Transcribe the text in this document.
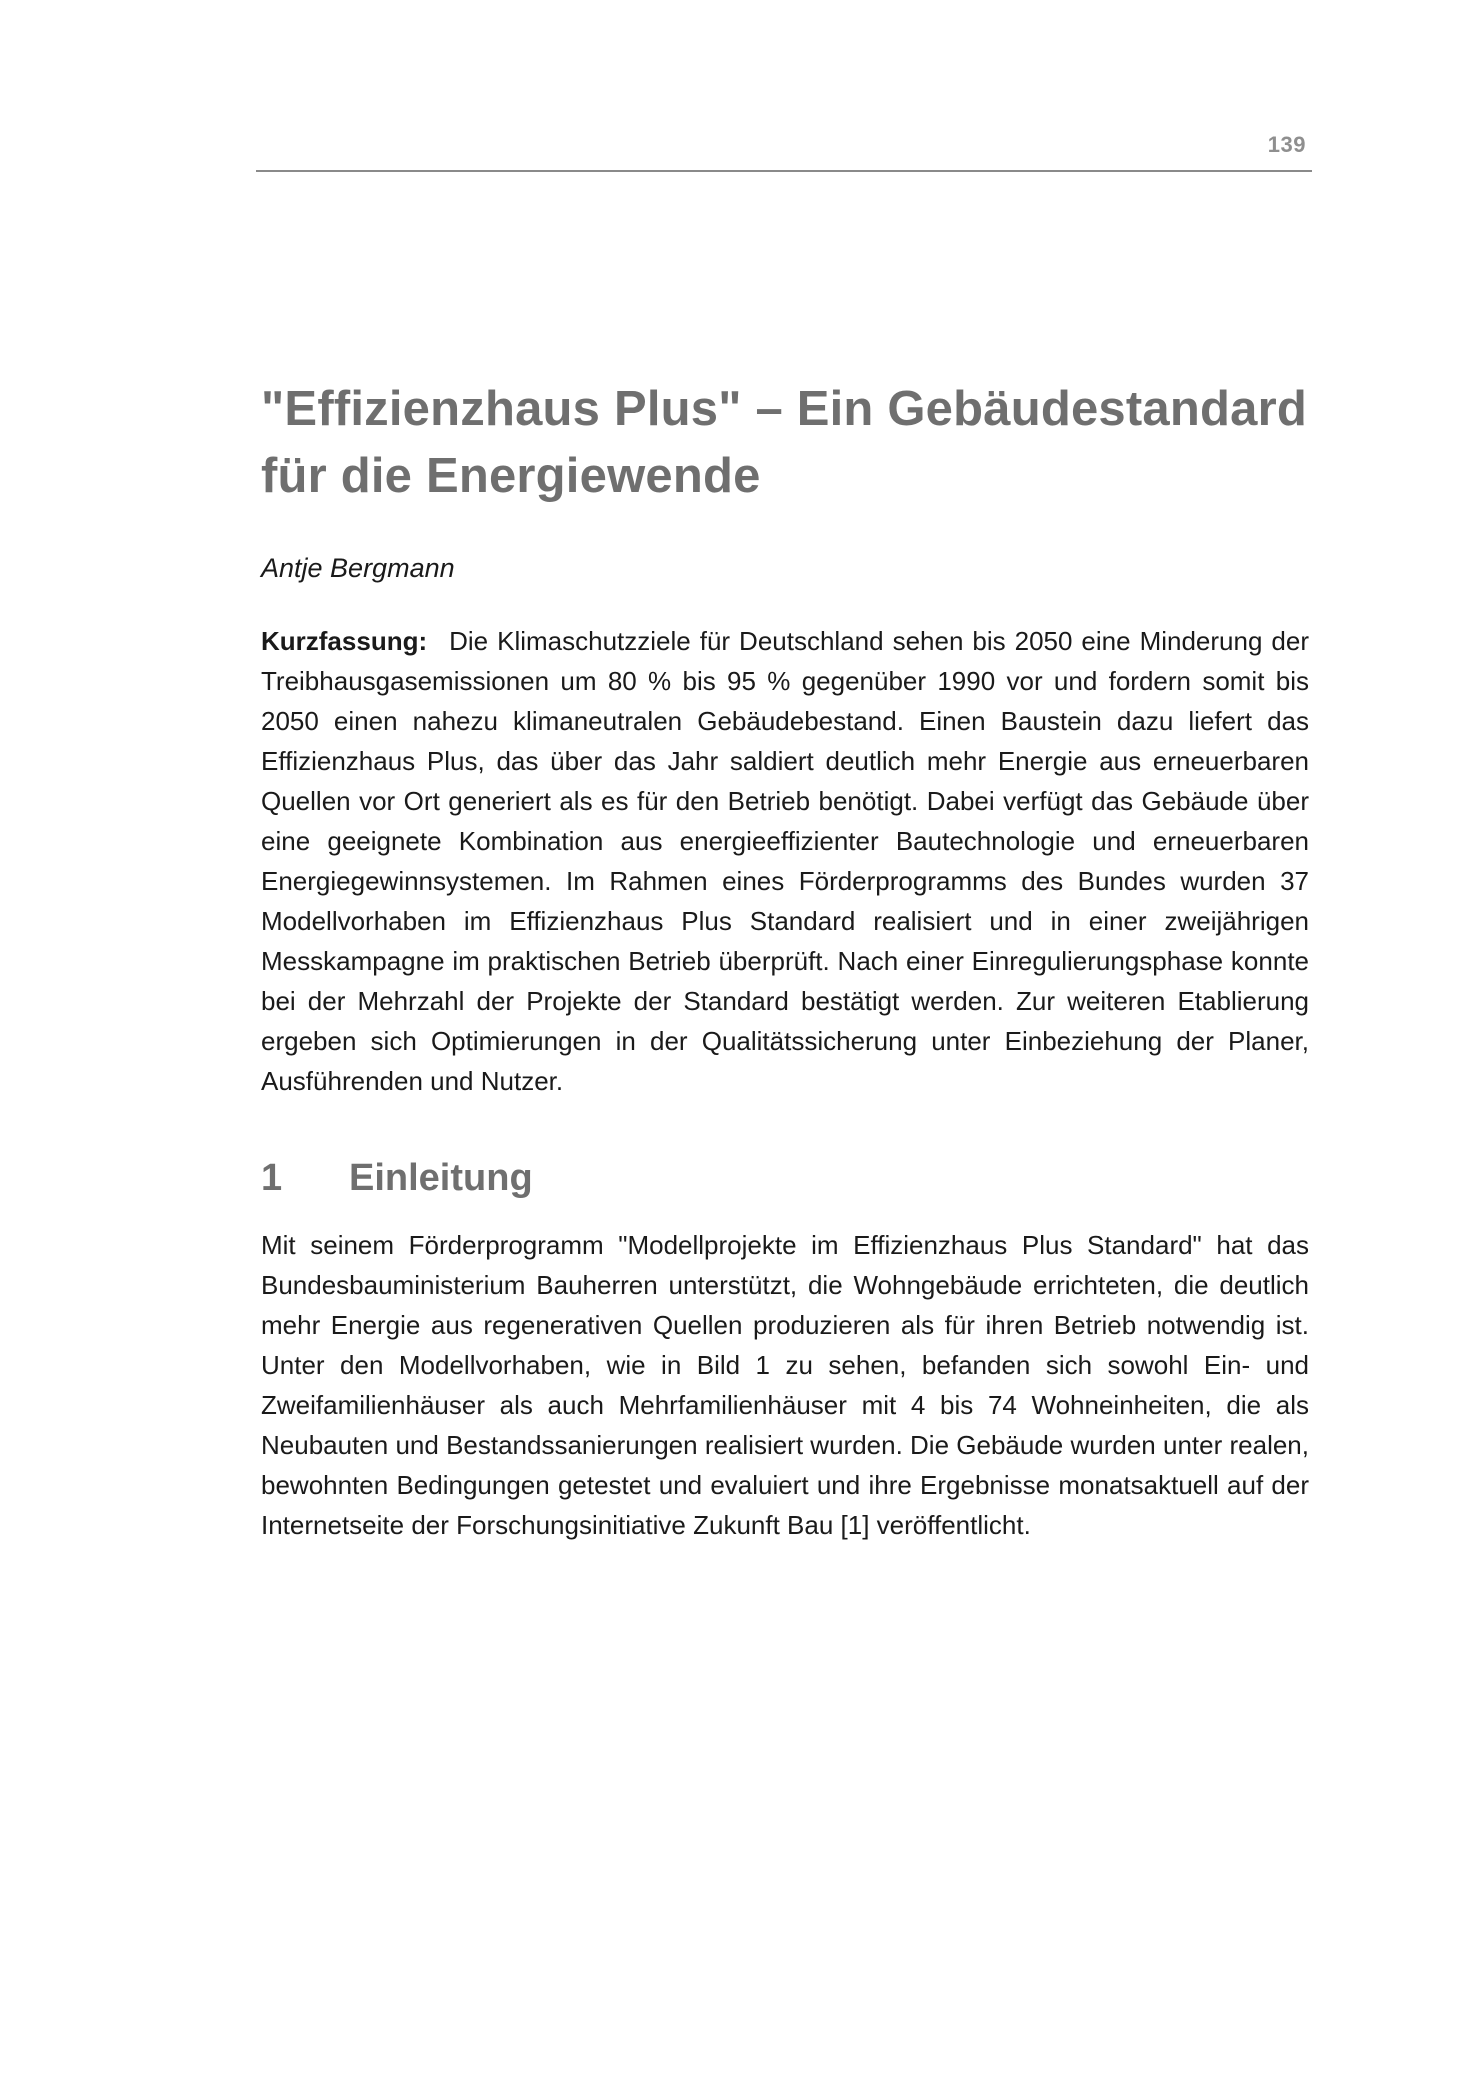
139
"Effizienzhaus Plus" – Ein Gebäudestandard für die Energiewende

Antje Bergmann

Kurzfassung: Die Klimaschutzziele für Deutschland sehen bis 2050 eine Minderung der Treibhausgasemissionen um 80 % bis 95 % gegenüber 1990 vor und fordern somit bis 2050 einen nahezu klimaneutralen Gebäudebestand. Einen Baustein dazu liefert das Effizienzhaus Plus, das über das Jahr saldiert deutlich mehr Energie aus erneuerbaren Quellen vor Ort generiert als es für den Betrieb benötigt. Dabei verfügt das Gebäude über eine geeignete Kombination aus energieeffizienter Bautechnologie und erneuerbaren Energiegewinnsystemen. Im Rahmen eines Förderprogramms des Bundes wurden 37 Modellvorhaben im Effizienzhaus Plus Standard realisiert und in einer zweijährigen Messkampagne im praktischen Betrieb überprüft. Nach einer Einregulierungsphase konnte bei der Mehrzahl der Projekte der Standard bestätigt werden. Zur weiteren Etablierung ergeben sich Optimierungen in der Qualitätssicherung unter Einbeziehung der Planer, Ausführenden und Nutzer.

1 Einleitung

Mit seinem Förderprogramm "Modellprojekte im Effizienzhaus Plus Standard" hat das Bundesbauministerium Bauherren unterstützt, die Wohngebäude errichteten, die deutlich mehr Energie aus regenerativen Quellen produzieren als für ihren Betrieb notwendig ist. Unter den Modellvorhaben, wie in Bild 1 zu sehen, befanden sich sowohl Ein- und Zweifamilienhäuser als auch Mehrfamilienhäuser mit 4 bis 74 Wohneinheiten, die als Neubauten und Bestandssanierungen realisiert wurden. Die Gebäude wurden unter realen, bewohnten Bedingungen getestet und evaluiert und ihre Ergebnisse monatsaktuell auf der Internetseite der Forschungsinitiative Zukunft Bau [1] veröffentlicht.
